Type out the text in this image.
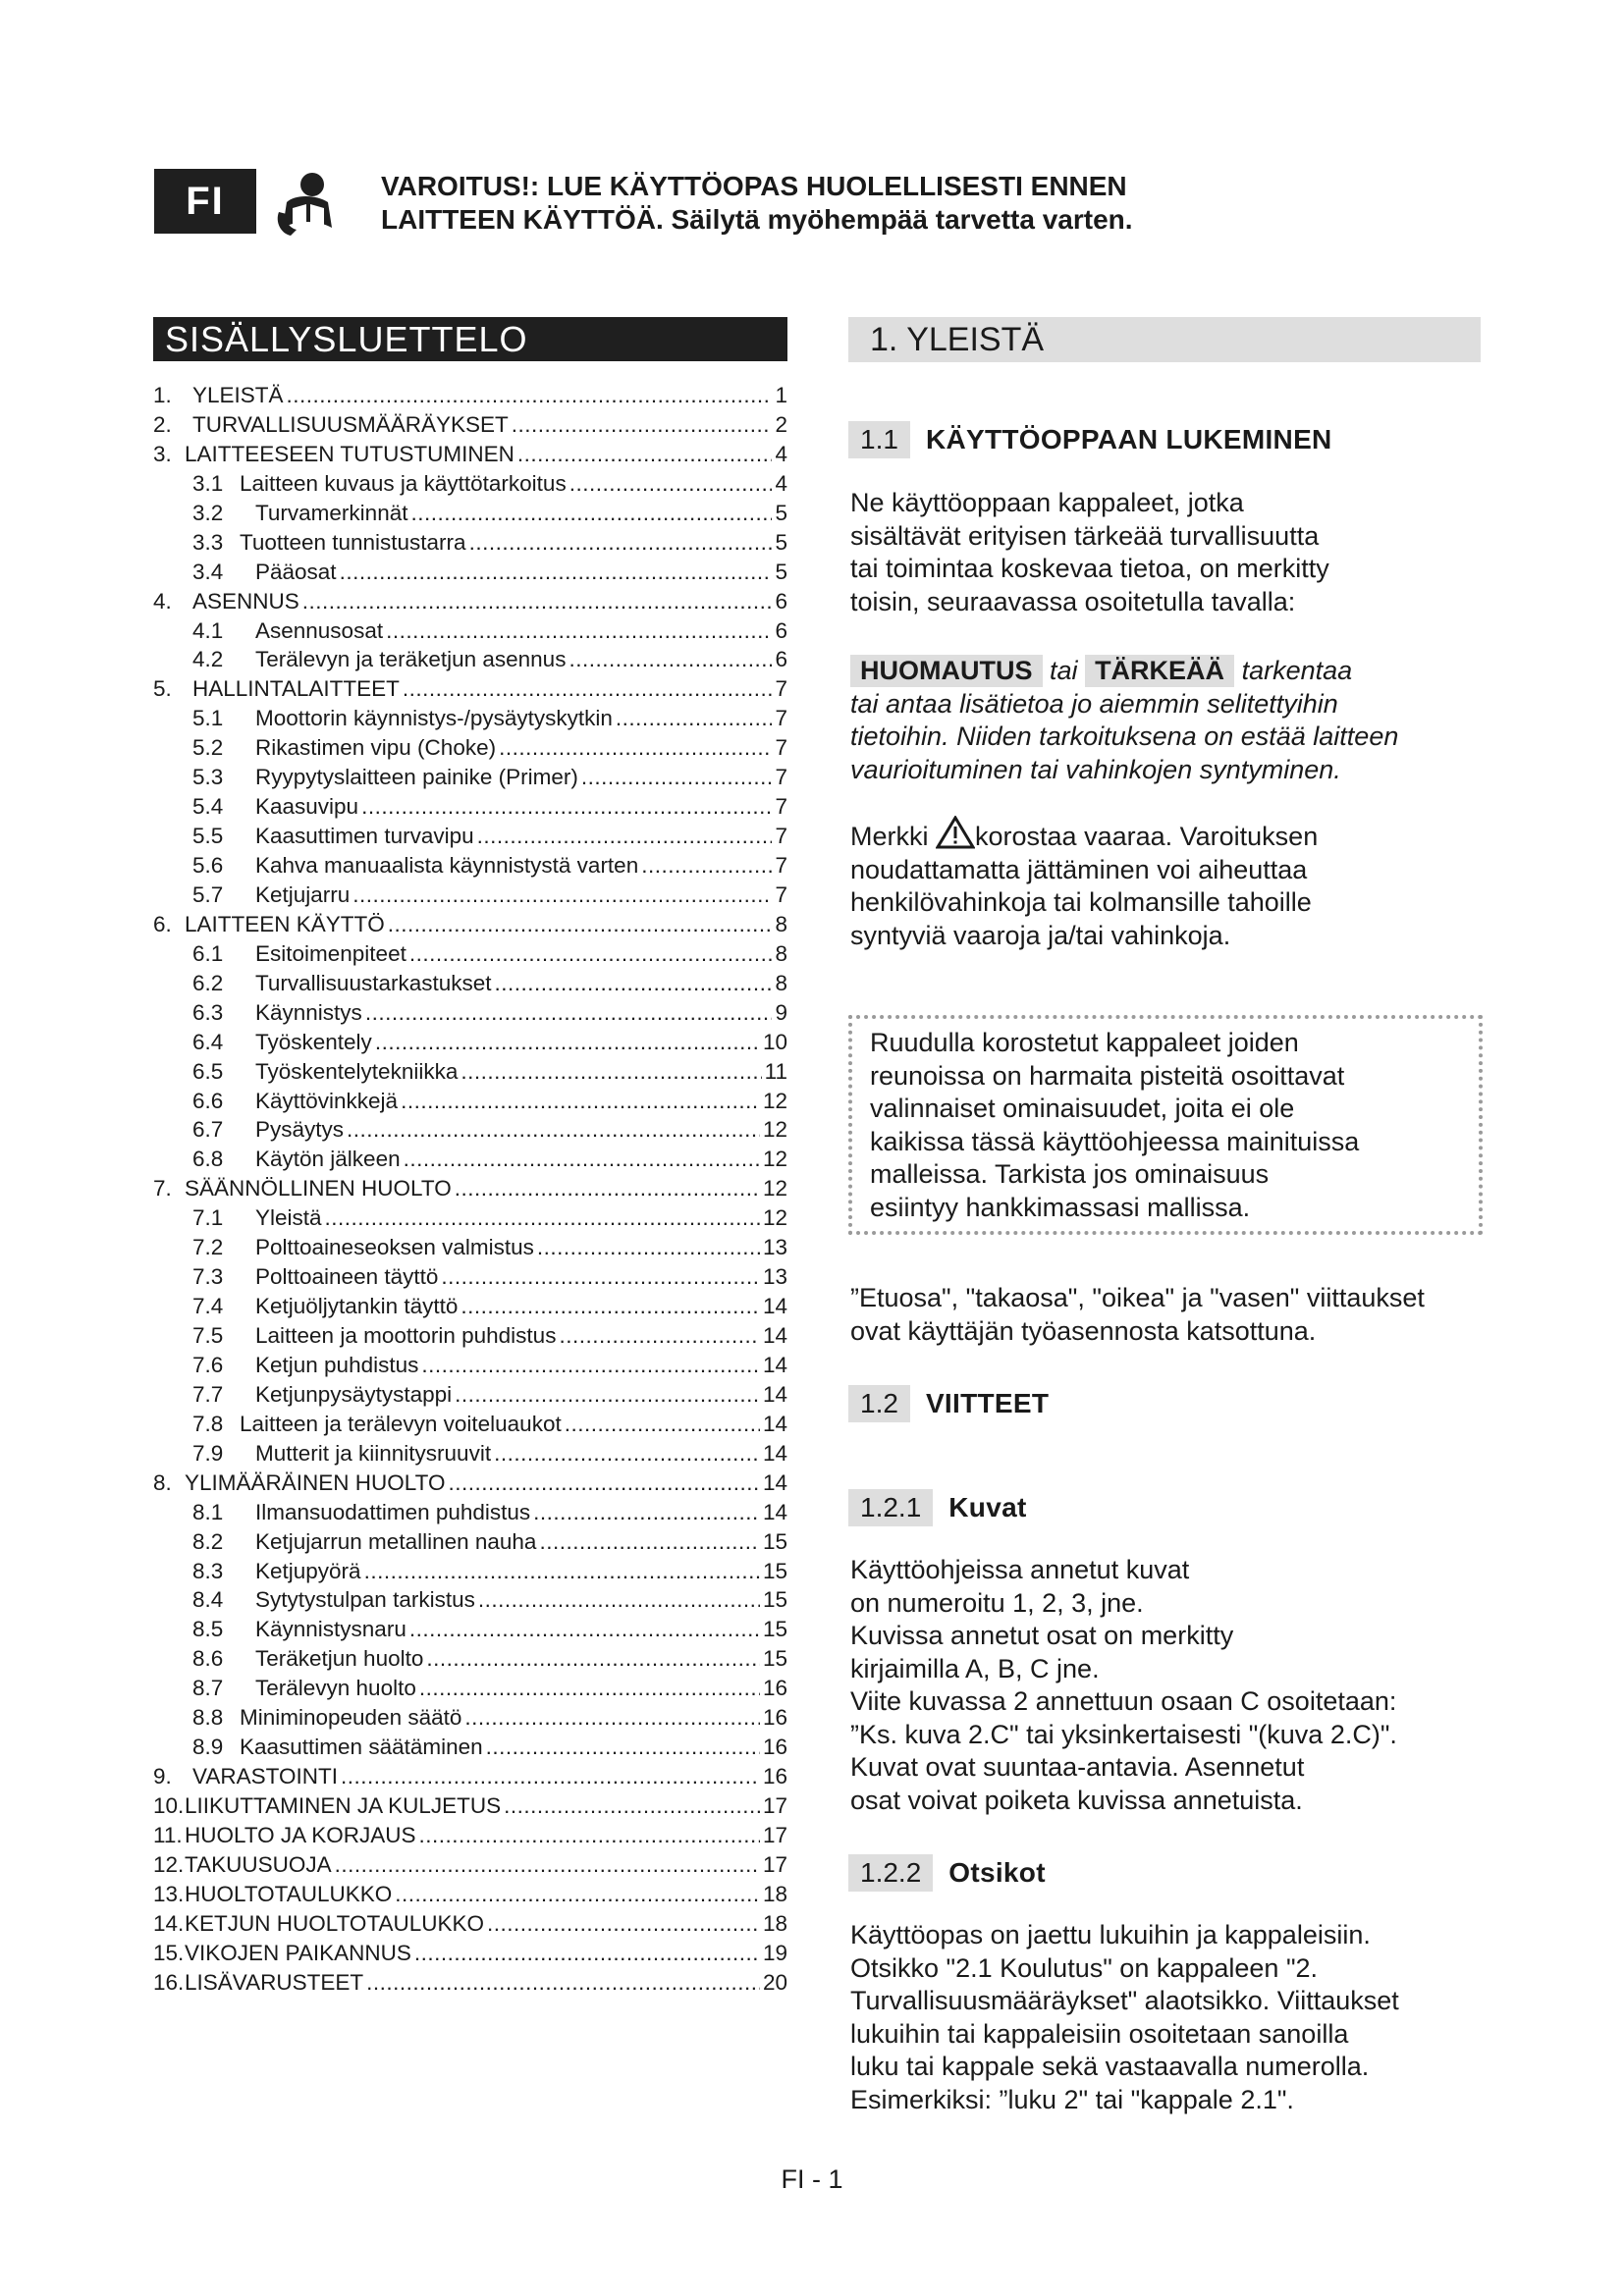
FI	VAROITUS!: LUE KÄYTTÖOPAS HUOLELLISESTI ENNEN
LAITTEEN KÄYTTÖÄ. Säilytä myöhempää tarvetta varten.
SISÄLLYSLUETTELO
1. YLEISTÄ .....	1
2. TURVALLISUUSMÄÄRÄYKSET .....	2
3. LAITTEESEEN TUTUSTUMINEN .....	4
3.1 Laitteen kuvaus ja käyttötarkoitus .....	4
3.2	Turvamerkinnät .....	5
3.3 Tuotteen tunnistustarra .....	5
3.4	Pääosat .....	5
4. ASENNUS .....	6
4.1	Asennusosat .....	6
4.2	Terälevyn ja teräketjun asennus .....	6
5. HALLINTALAITTEET .....	7
5.1	Moottorin käynnistys-/pysäytyskytkin .....	7
5.2	Rikastimen vipu (Choke) .....	7
5.3	Ryypytyslaitteen painike (Primer) .....	7
5.4	Kaasuvipu .....	7
5.5	Kaasuttimen turvavipu .....	7
5.6	Kahva manuaalista käynnistystä varten .....	7
5.7	Ketjujarru .....	7
6. LAITTEEN KÄYTTÖ .....	8
6.1	Esitoimenpiteet .....	8
6.2	Turvallisuustarkastukset .....	8
6.3	Käynnistys .....	9
6.4	Työskentely .....	10
6.5	Työskentelytekniikka .....	11
6.6	Käyttövinkkejä .....	12
6.7	Pysäytys .....	12
6.8	Käytön jälkeen .....	12
7. SÄÄNNÖLLINEN HUOLTO .....	12
7.1	Yleistä .....	12
7.2	Polttoaineseoksen valmistus .....	13
7.3	Polttoaineen täyttö .....	13
7.4	Ketjuöljytankin täyttö .....	14
7.5	Laitteen ja moottorin puhdistus .....	14
7.6	Ketjun puhdistus .....	14
7.7	Ketjunpysäytystappi .....	14
7.8 Laitteen ja terälevyn voiteluaukot .....	14
7.9	Mutterit ja kiinnitysruuvit .....	14
8. YLIMÄÄRÄINEN HUOLTO .....	14
8.1	Ilmansuodattimen puhdistus .....	14
8.2	Ketjujarrun metallinen nauha .....	15
8.3	Ketjupyörä .....	15
8.4	Sytytystulpan tarkistus .....	15
8.5	Käynnistysnaru .....	15
8.6	Teräketjun huolto .....	15
8.7	Terälevyn huolto .....	16
8.8 Miniminopeuden säätö .....	16
8.9 Kaasuttimen säätäminen .....	16
9. VARASTOINTI .....	16
10. LIIKUTTAMINEN JA KULJETUS .....	17
11. HUOLTO JA KORJAUS .....	17
12. TAKUUSUOJA .....	17
13. HUOLTOTAULUKKO .....	18
14. KETJUN HUOLTOTAULUKKO .....	18
15. VIKOJEN PAIKANNUS .....	19
16. LISÄVARUSTEET .....	20
1. YLEISTÄ
1.1	KÄYTTÖOPPAAN LUKEMINEN
Ne käyttöoppaan kappaleet, jotka
sisältävät erityisen tärkeää turvallisuutta
tai toimintaa koskevaa tietoa, on merkitty
toisin, seuraavassa osoitetulla tavalla:
HUOMAUTUS tai TÄRKEÄÄ tarkentaa
tai antaa lisätietoa jo aiemmin selitettyihin
tietoihin. Niiden tarkoituksena on estää laitteen
vaurioituminen tai vahinkojen syntyminen.
Merkki korostaa vaaraa. Varoituksen
noudattamatta jättäminen voi aiheuttaa
henkilövahinkoja tai kolmansille tahoille
syntyviä vaaroja ja/tai vahinkoja.
Ruudulla korostetut kappaleet joiden
reunoissa on harmaita pisteitä osoittavat
valinnaiset ominaisuudet, joita ei ole
kaikissa tässä käyttöohjeessa mainituissa
malleissa. Tarkista jos ominaisuus
esiintyy hankkimassasi mallissa.
”Etuosa", "takaosa", "oikea" ja "vasen" viittaukset
ovat käyttäjän työasennosta katsottuna.
1.2	VIITTEET
1.2.1	Kuvat
Käyttöohjeissa annetut kuvat
on numeroitu 1, 2, 3, jne.
Kuvissa annetut osat on merkitty
kirjaimilla A, B, C jne.
Viite kuvassa 2 annettuun osaan C osoitetaan:
”Ks. kuva 2.C" tai yksinkertaisesti "(kuva 2.C)".
Kuvat ovat suuntaa-antavia. Asennetut
osat voivat poiketa kuvissa annetuista.
1.2.2	Otsikot
Käyttöopas on jaettu lukuihin ja kappaleisiin.
Otsikko "2.1 Koulutus" on kappaleen "2.
Turvallisuusmääräykset" alaotsikko. Viittaukset
lukuihin tai kappaleisiin osoitetaan sanoilla
luku tai kappale sekä vastaavalla numerolla.
Esimerkiksi: ”luku 2" tai "kappale 2.1".
FI - 1
